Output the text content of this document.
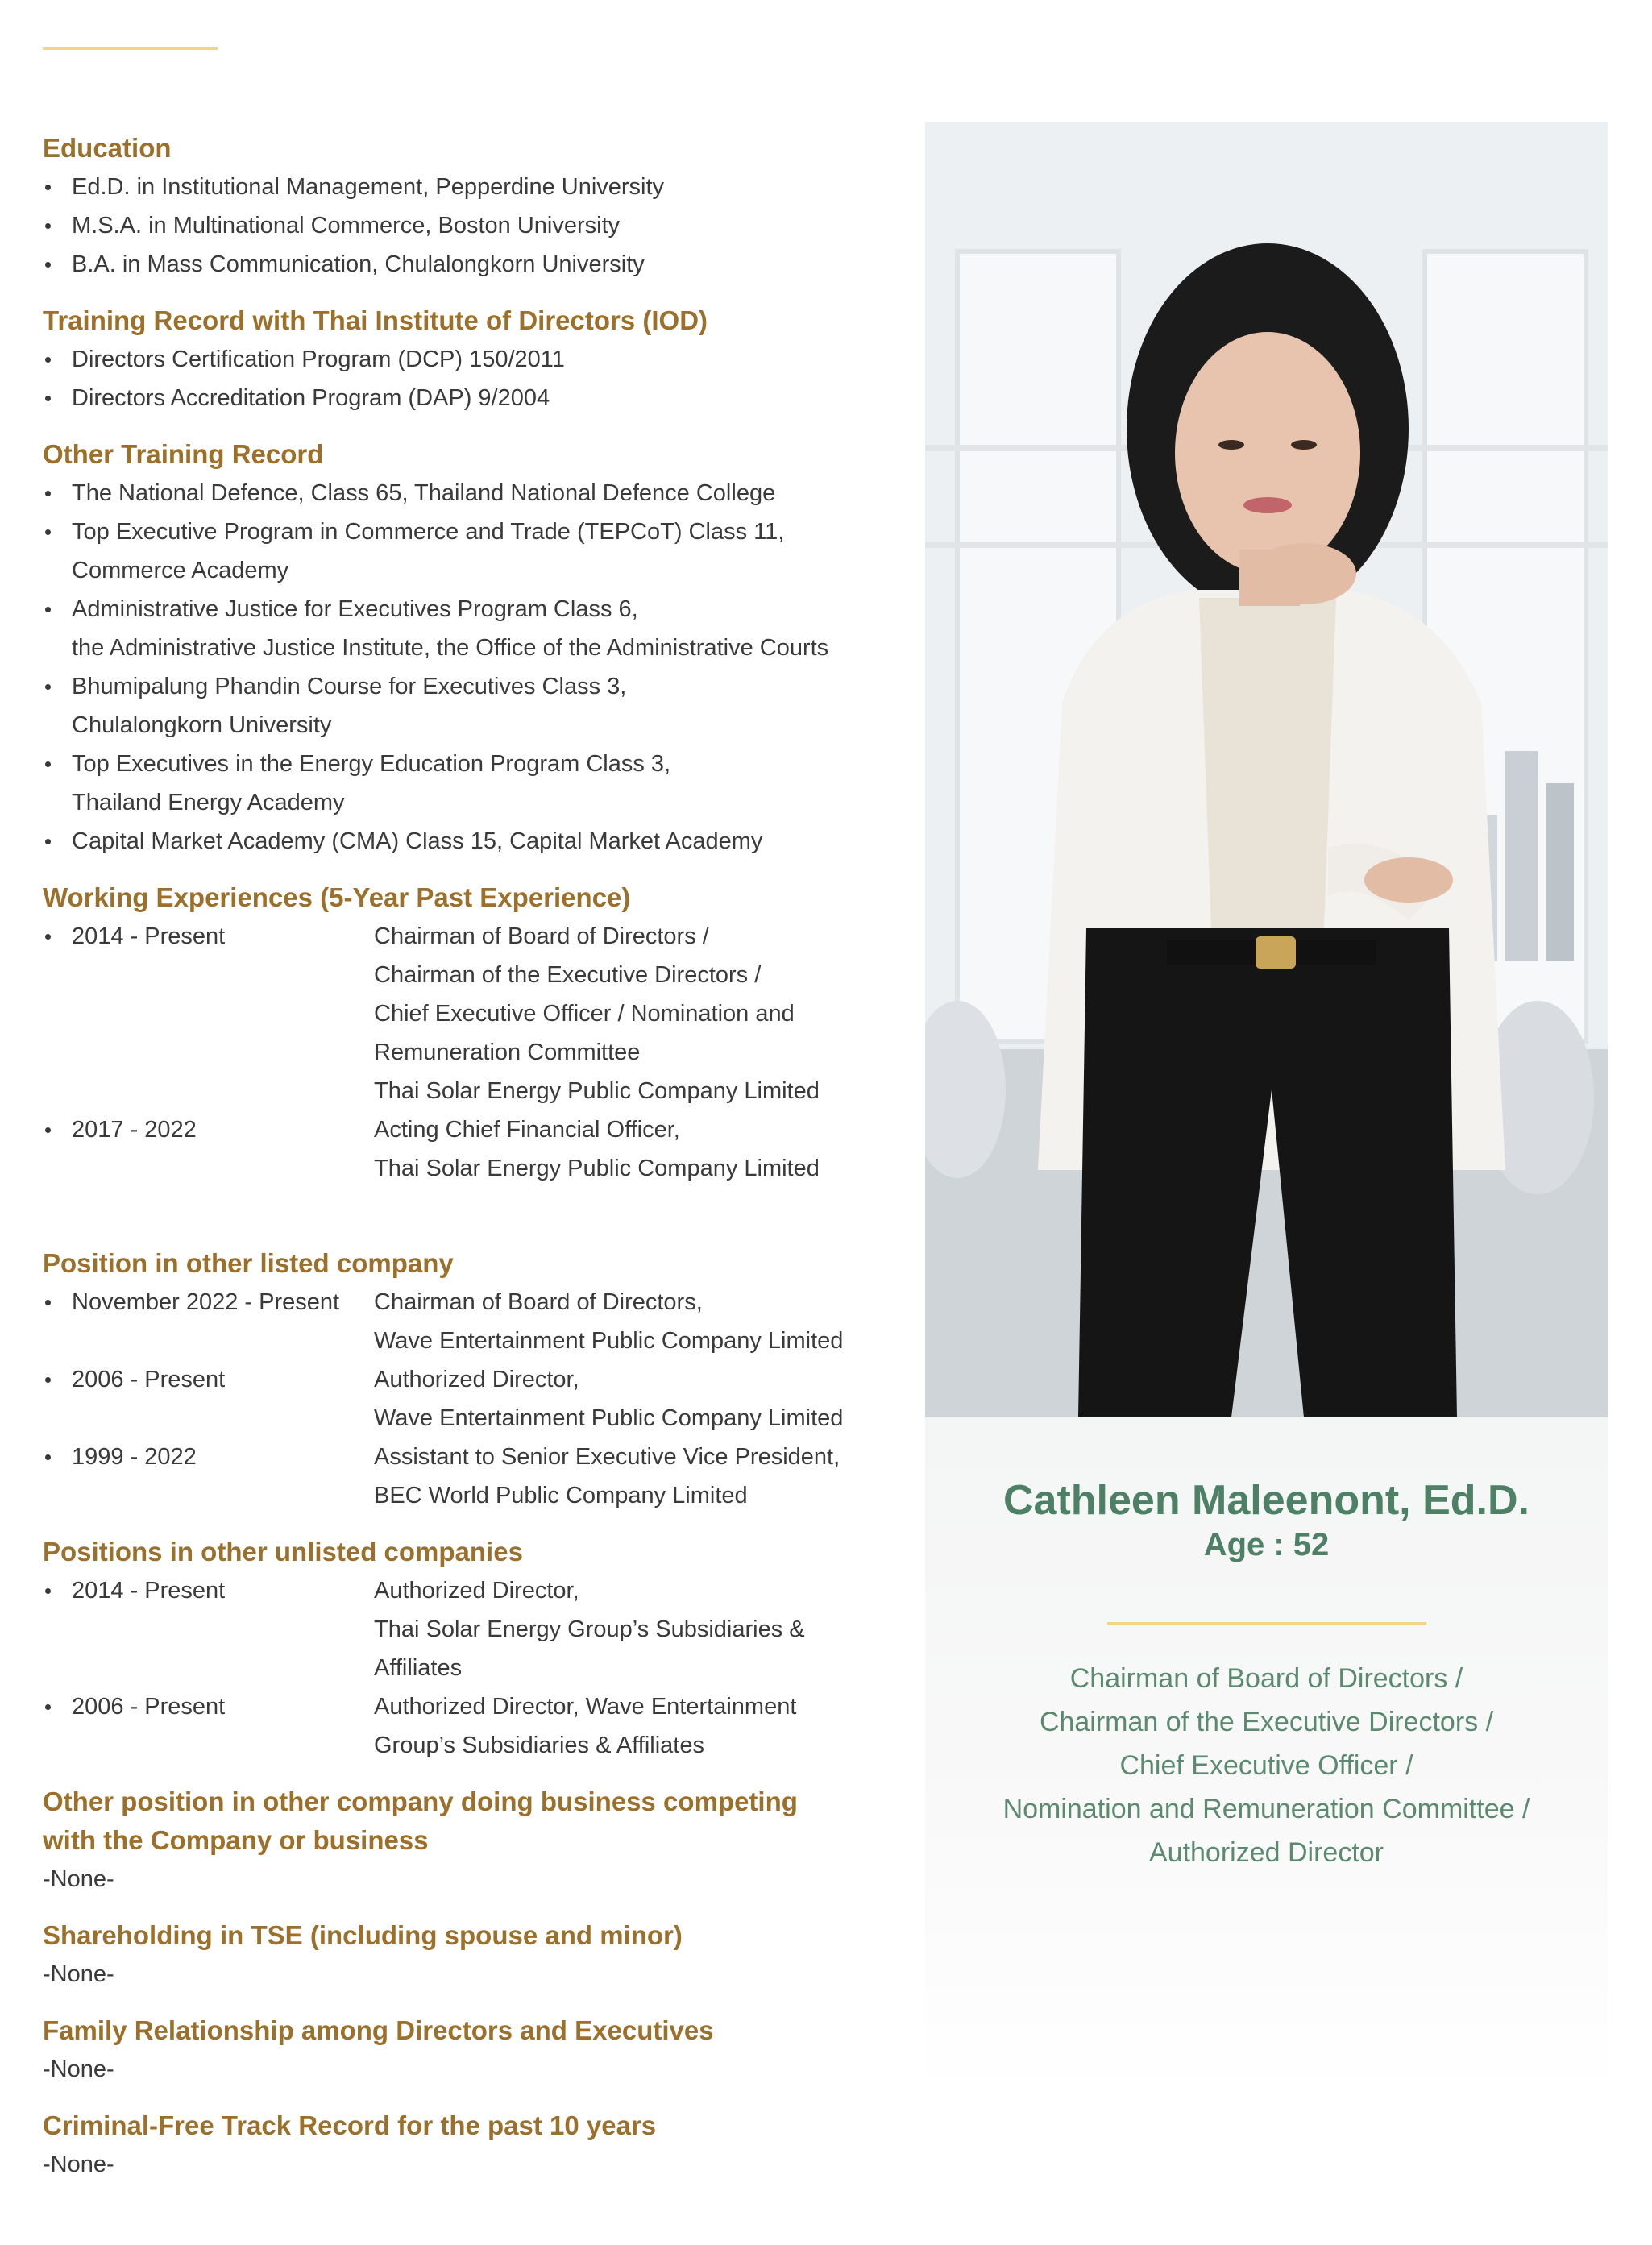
Education
Ed.D. in Institutional Management, Pepperdine University
M.S.A. in Multinational Commerce, Boston University
B.A. in Mass Communication, Chulalongkorn University
Training Record with Thai Institute of Directors (IOD)
Directors Certification Program (DCP) 150/2011
Directors Accreditation Program (DAP) 9/2004
Other Training Record
The National Defence, Class 65, Thailand National Defence College
Top Executive Program in Commerce and Trade (TEPCoT) Class 11,
Commerce Academy
Administrative Justice for Executives Program Class 6,
the Administrative Justice Institute, the Office of the Administrative Courts
Bhumipalung Phandin Course for Executives Class 3,
Chulalongkorn University
Top Executives in the Energy Education Program Class 3,
Thailand Energy Academy
Capital Market Academy (CMA) Class 15, Capital Market Academy
Working Experiences (5-Year Past Experience)
2014 - Present	Chairman of Board of Directors /
Chairman of the Executive Directors /
Chief Executive Officer / Nomination and
Remuneration Committee
Thai Solar Energy Public Company Limited
2017 - 2022	Acting Chief Financial Officer,
Thai Solar Energy Public Company Limited
Position in other listed company
November 2022 - Present	Chairman of Board of Directors,
Wave Entertainment Public Company Limited
2006 - Present	Authorized Director,
Wave Entertainment Public Company Limited
1999 - 2022	Assistant to Senior Executive Vice President,
BEC World Public Company Limited
Positions in other unlisted companies
2014 - Present	Authorized Director,
Thai Solar Energy Group’s Subsidiaries &
Affiliates
2006 - Present	Authorized Director, Wave Entertainment
Group’s Subsidiaries & Affiliates
Other position in other company doing business competing
with the Company or business

-None-

Shareholding in TSE (including spouse and minor)

-None-

Family Relationship among Directors and Executives

-None-

Criminal-Free Track Record for the past 10 years

-None-

Cathleen Maleenont, Ed.D.
Age : 52
Chairman of Board of Directors /
Chairman of the Executive Directors /
Chief Executive Officer /
Nomination and Remuneration Committee /
Authorized Director
